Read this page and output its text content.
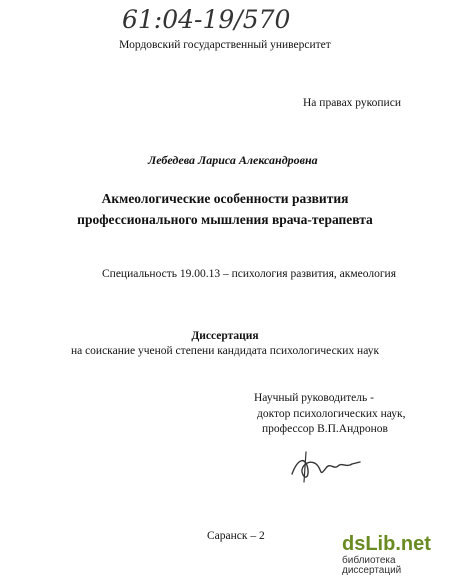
61:04-19/570
Мордовский государственный университет
На правах рукописи
Лебедева Лариса Александровна
Акмеологические особенности развития
профессионального мышления врача-терапевта
Специальность 19.00.13 – психология развития, акмеология
Диссертация
на соискание ученой степени кандидата психологических наук
Научный руководитель -
доктор психологических наук,
профессор В.П.Андронов
Саранск – 2	dsLib.net
библиотека диссертаций
